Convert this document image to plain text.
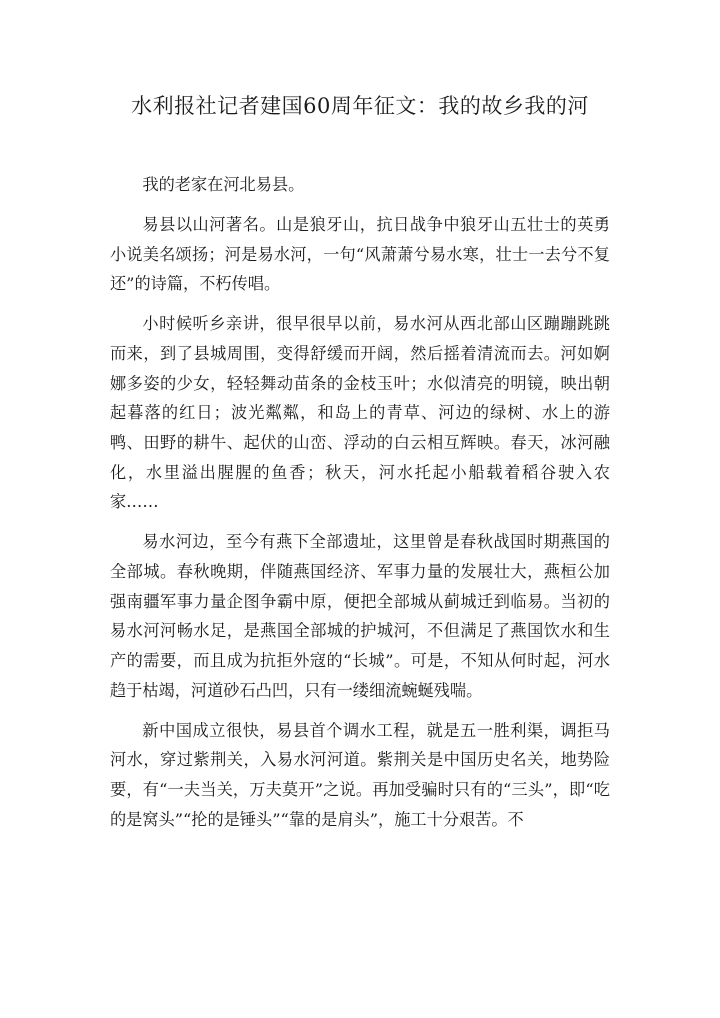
水利报社记者建国60周年征文：我的故乡我的河

我的老家在河北易县。

易县以山河著名。山是狼牙山，抗日战争中狼牙山五壮士的英勇小说美名颂扬；河是易水河，一句“风萧萧兮易水寒，壮士一去兮不复还”的诗篇，不朽传唱。

小时候听乡亲讲，很早很早以前，易水河从西北部山区蹦蹦跳跳而来，到了县城周围，变得舒缓而开阔，然后摇着清流而去。河如婀娜多姿的少女，轻轻舞动苗条的金枝玉叶；水似清亮的明镜，映出朝起暮落的红日；波光粼粼，和岛上的青草、河边的绿树、水上的游鸭、田野的耕牛、起伏的山峦、浮动的白云相互辉映。春天，冰河融化，水里溢出腥腥的鱼香；秋天，河水托起小船载着稻谷驶入农家……

易水河边，至今有燕下全部遗址，这里曾是春秋战国时期燕国的全部城。春秋晚期，伴随燕国经济、军事力量的发展壮大，燕桓公加强南疆军事力量企图争霸中原，便把全部城从蓟城迁到临易。当初的易水河河畅水足，是燕国全部城的护城河，不但满足了燕国饮水和生产的需要，而且成为抗拒外寇的“长城”。可是，不知从何时起，河水趋于枯竭，河道砂石凸凹，只有一缕细流蜿蜒残喘。

新中国成立很快，易县首个调水工程，就是五一胜利渠，调拒马河水，穿过紫荆关，入易水河河道。紫荆关是中国历史名关，地势险要，有“一夫当关，万夫莫开”之说。再加受骗时只有的“三头”，即“吃的是窝头”“抡的是锤头”“靠的是肩头”，施工十分艰苦。不
